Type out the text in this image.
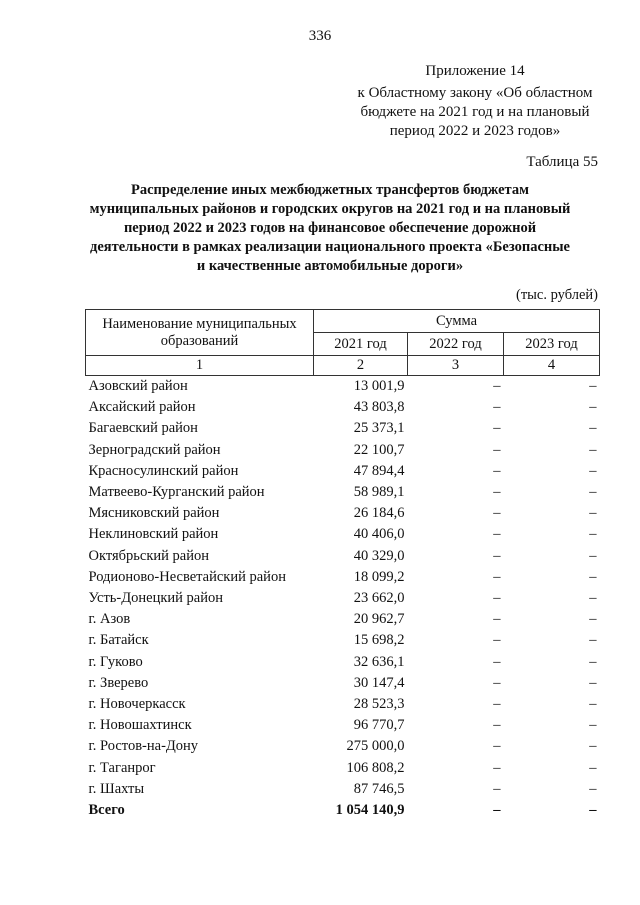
336
Приложение 14
к Областному закону «Об областном
бюджете на 2021 год и на плановый
период 2022 и 2023 годов»
Таблица 55
Распределение иных межбюджетных трансфертов бюджетам
муниципальных районов и городских округов на 2021 год и на плановый
период 2022 и 2023 годов на финансовое обеспечение дорожной
деятельности в рамках реализации национального проекта «Безопасные
и качественные автомобильные дороги»
(тыс. рублей)
Наименование муниципальных
образований	Сумма		
	2021 год	2022 год	2023 год
1	2	3	4
Азовский район	13 001,9	–	–
Аксайский район	43 803,8	–	–
Багаевский район	25 373,1	–	–
Зерноградский район	22 100,7	–	–
Красносулинский район	47 894,4	–	–
Матвеево-Курганский район	58 989,1	–	–
Мясниковский район	26 184,6	–	–
Неклиновский район	40 406,0	–	–
Октябрьский район	40 329,0	–	–
Родионово-Несветайский район	18 099,2	–	–
Усть-Донецкий район	23 662,0	–	–
г. Азов	20 962,7	–	–
г. Батайск	15 698,2	–	–
г. Гуково	32 636,1	–	–
г. Зверево	30 147,4	–	–
г. Новочеркасск	28 523,3	–	–
г. Новошахтинск	96 770,7	–	–
г. Ростов-на-Дону	275 000,0	–	–
г. Таганрог	106 808,2	–	–
г. Шахты	87 746,5	–	–
Всего	1 054 140,9	–	–
